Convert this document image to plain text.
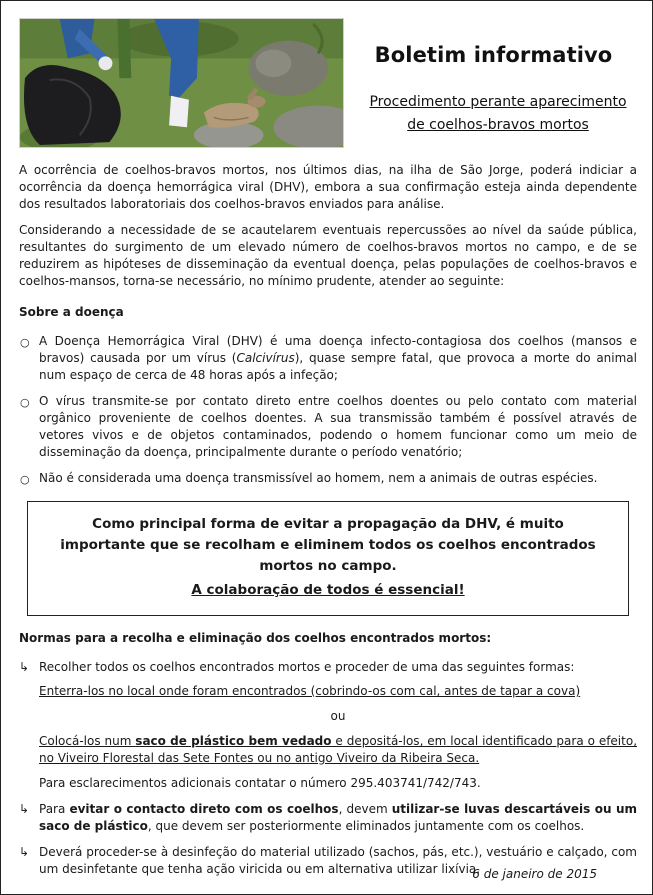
Boletim informativo
Procedimento perante aparecimento
de coelhos-bravos mortos

A ocorrência de coelhos-bravos mortos, nos últimos dias, na ilha de São Jorge, poderá indiciar a ocorrência da doença hemorrágica viral (DHV), embora a sua confirmação esteja ainda dependente dos resultados laboratoriais dos coelhos-bravos enviados para análise.

Considerando a necessidade de se acautelarem eventuais repercussões ao nível da saúde pública, resultantes do surgimento de um elevado número de coelhos-bravos mortos no campo, e de se reduzirem as hipóteses de disseminação da eventual doença, pelas populações de coelhos-bravos e coelhos-mansos, torna-se necessário, no mínimo prudente, atender ao seguinte:

Sobre a doença
○ A Doença Hemorrágica Viral (DHV) é uma doença infecto-contagiosa dos coelhos (mansos e bravos) causada por um vírus (Calcivírus), quase sempre fatal, que provoca a morte do animal num espaço de cerca de 48 horas após a infeção;
○ O vírus transmite-se por contato direto entre coelhos doentes ou pelo contato com material orgânico proveniente de coelhos doentes. A sua transmissão também é possível através de vetores vivos e de objetos contaminados, podendo o homem funcionar como um meio de disseminação da doença, principalmente durante o período venatório;
○ Não é considerada uma doença transmissível ao homem, nem a animais de outras espécies.
Como principal forma de evitar a propagação da DHV, é muito importante que se recolham e eliminem todos os coelhos encontrados mortos no campo.
A colaboração de todos é essencial!
Normas para a recolha e eliminação dos coelhos encontrados mortos:
↳ Recolher todos os coelhos encontrados mortos e proceder de uma das seguintes formas:
Enterra-los no local onde foram encontrados (cobrindo-os com cal, antes de tapar a cova)
ou
Colocá-los num saco de plástico bem vedado e depositá-los, em local identificado para o efeito, no Viveiro Florestal das Sete Fontes ou no antigo Viveiro da Ribeira Seca.
Para esclarecimentos adicionais contatar o número 295.403741/742/743.
↳ Para evitar o contacto direto com os coelhos, devem utilizar-se luvas descartáveis ou um saco de plástico, que devem ser posteriormente eliminados juntamente com os coelhos.
↳ Deverá proceder-se à desinfeção do material utilizado (sachos, pás, etc.), vestuário e calçado, com um desinfetante que tenha ação viricida ou em alternativa utilizar lixívia.
6 de janeiro de 2015
